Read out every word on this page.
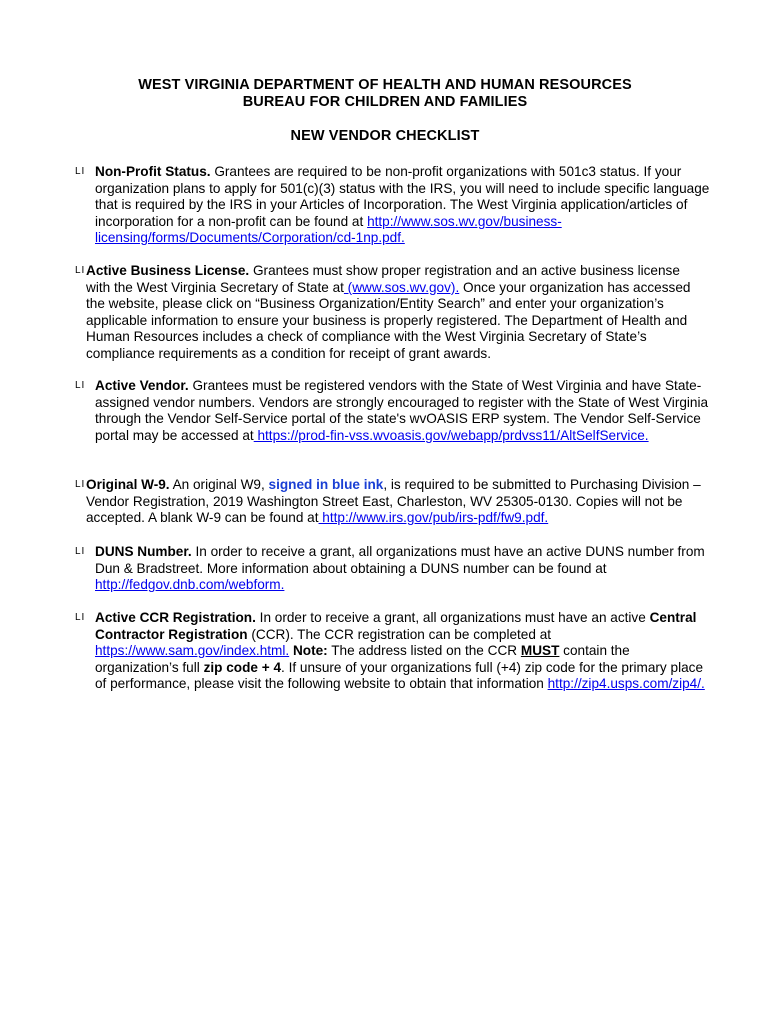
WEST VIRGINIA DEPARTMENT OF HEALTH AND HUMAN RESOURCES
BUREAU FOR CHILDREN AND FAMILIES
NEW VENDOR CHECKLIST
LI Non-Profit Status. Grantees are required to be non-profit organizations with 501c3 status. If your organization plans to apply for 501(c)(3) status with the IRS, you will need to include specific language that is required by the IRS in your Articles of Incorporation. The West Virginia application/articles of incorporation for a non-profit can be found at http://www.sos.wv.gov/business-licensing/forms/Documents/Corporation/cd-1np.pdf.
LI Active Business License. Grantees must show proper registration and an active business license with the West Virginia Secretary of State at (www.sos.wv.gov). Once your organization has accessed the website, please click on “Business Organization/Entity Search” and enter your organization’s applicable information to ensure your business is properly registered. The Department of Health and Human Resources includes a check of compliance with the West Virginia Secretary of State’s compliance requirements as a condition for receipt of grant awards.
LI Active Vendor. Grantees must be registered vendors with the State of West Virginia and have State-assigned vendor numbers. Vendors are strongly encouraged to register with the State of West Virginia through the Vendor Self-Service portal of the state's wvOASIS ERP system. The Vendor Self-Service portal may be accessed at https://prod-fin-vss.wvoasis.gov/webapp/prdvss11/AltSelfService.
LI Original W-9. An original W9, signed in blue ink, is required to be submitted to Purchasing Division – Vendor Registration, 2019 Washington Street East, Charleston, WV 25305-0130. Copies will not be accepted. A blank W-9 can be found at http://www.irs.gov/pub/irs-pdf/fw9.pdf.
LI DUNS Number. In order to receive a grant, all organizations must have an active DUNS number from Dun & Bradstreet. More information about obtaining a DUNS number can be found at http://fedgov.dnb.com/webform.
LI Active CCR Registration. In order to receive a grant, all organizations must have an active Central Contractor Registration (CCR). The CCR registration can be completed at https://www.sam.gov/index.html. Note: The address listed on the CCR MUST contain the organization’s full zip code + 4. If unsure of your organizations full (+4) zip code for the primary place of performance, please visit the following website to obtain that information http://zip4.usps.com/zip4/.
